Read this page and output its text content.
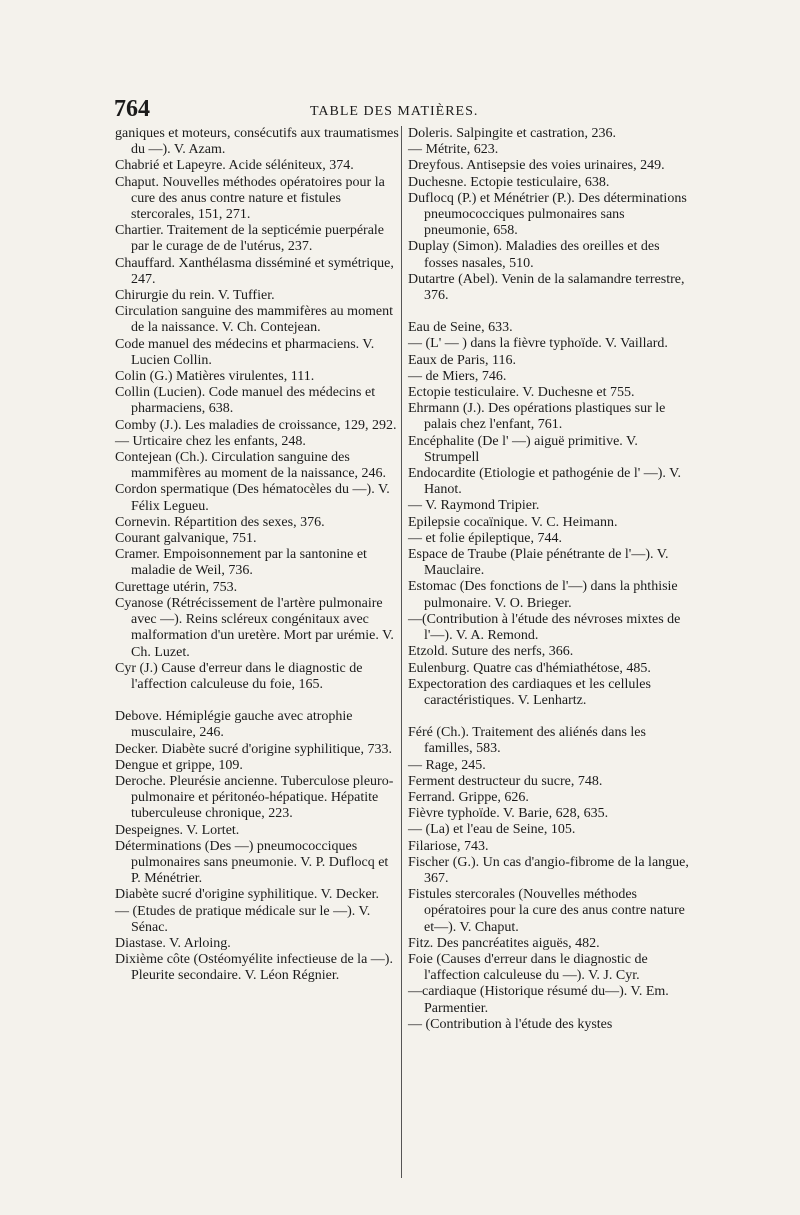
764	TABLE DES MATIÈRES.
ganiques et moteurs, consécutifs aux traumatismes du —). V. Azam.
Chabrié et Lapeyre. Acide séléniteux, 374.
Chaput. Nouvelles méthodes opératoires pour la cure des anus contre nature et fistules stercorales, 151, 271.
Chartier. Traitement de la septicémie puerpérale par le curage de de l'utérus, 237.
Chauffard. Xanthélasma disséminé et symétrique, 247.
Chirurgie du rein. V. Tuffier.
Circulation sanguine des mammifères au moment de la naissance. V. Ch. Contejean.
Code manuel des médecins et pharmaciens. V. Lucien Collin.
Colin (G.) Matières virulentes, 111.
Collin (Lucien). Code manuel des médecins et pharmaciens, 638.
Comby (J.). Les maladies de croissance, 129, 292.
— Urticaire chez les enfants, 248.
Contejean (Ch.). Circulation sanguine des mammifères au moment de la naissance, 246.
Cordon spermatique (Des hématocèles du —). V. Félix Legueu.
Cornevin. Répartition des sexes, 376.
Courant galvanique, 751.
Cramer. Empoisonnement par la santonine et maladie de Weil, 736.
Curettage utérin, 753.
Cyanose (Rétrécissement de l'artère pulmonaire avec —). Reins scléreux congénitaux avec malformation d'un uretère. Mort par urémie. V. Ch. Luzet.
Cyr (J.) Cause d'erreur dans le diagnostic de l'affection calculeuse du foie, 165.
Debove. Hémiplégie gauche avec atrophie musculaire, 246.
Decker. Diabète sucré d'origine syphilitique, 733.
Dengue et grippe, 109.
Deroche. Pleurésie ancienne. Tuberculose pleuro-pulmonaire et péritonéo-hépatique. Hépatite tuberculeuse chronique, 223.
Despeignes. V. Lortet.
Déterminations (Des —) pneumococciques pulmonaires sans pneumonie. V. P. Duflocq et P. Ménétrier.
Diabète sucré d'origine syphilitique. V. Decker.
— (Etudes de pratique médicale sur le —). V. Sénac.
Diastase. V. Arloing.
Dixième côte (Ostéomyélite infectieuse de la —). Pleurite secondaire. V. Léon Régnier.
Doleris. Salpingite et castration, 236.
— Métrite, 623.
Dreyfous. Antisepsie des voies urinaires, 249.
Duchesne. Ectopie testiculaire, 638.
Duflocq (P.) et Ménétrier (P.). Des déterminations pneumococciques pulmonaires sans pneumonie, 658.
Duplay (Simon). Maladies des oreilles et des fosses nasales, 510.
Dutartre (Abel). Venin de la salamandre terrestre, 376.
Eau de Seine, 633.
— (L' — ) dans la fièvre typhoïde. V. Vaillard.
Eaux de Paris, 116.
— de Miers, 746.
Ectopie testiculaire. V. Duchesne et 755.
Ehrmann (J.). Des opérations plastiques sur le palais chez l'enfant, 761.
Encéphalite (De l' —) aiguë primitive. V. Strumpell
Endocardite (Etiologie et pathogénie de l' —). V. Hanot.
— V. Raymond Tripier.
Epilepsie cocaïnique. V. C. Heimann.
— et folie épileptique, 744.
Espace de Traube (Plaie pénétrante de l'—). V. Mauclaire.
Estomac (Des fonctions de l'—) dans la phthisie pulmonaire. V. O. Brieger.
—(Contribution à l'étude des névroses mixtes de l'—). V. A. Remond.
Etzold. Suture des nerfs, 366.
Eulenburg. Quatre cas d'hémiathétose, 485.
Expectoration des cardiaques et les cellules caractéristiques. V. Lenhartz.
Féré (Ch.). Traitement des aliénés dans les familles, 583.
— Rage, 245.
Ferment destructeur du sucre, 748.
Ferrand. Grippe, 626.
Fièvre typhoïde. V. Barie, 628, 635.
— (La) et l'eau de Seine, 105.
Filariose, 743.
Fischer (G.). Un cas d'angio-fibrome de la langue, 367.
Fistules stercorales (Nouvelles méthodes opératoires pour la cure des anus contre nature et—). V. Chaput.
Fitz. Des pancréatites aiguës, 482.
Foie (Causes d'erreur dans le diagnostic de l'affection calculeuse du —). V. J. Cyr.
—cardiaque (Historique résumé du—). V. Em. Parmentier.
— (Contribution à l'étude des kystes
